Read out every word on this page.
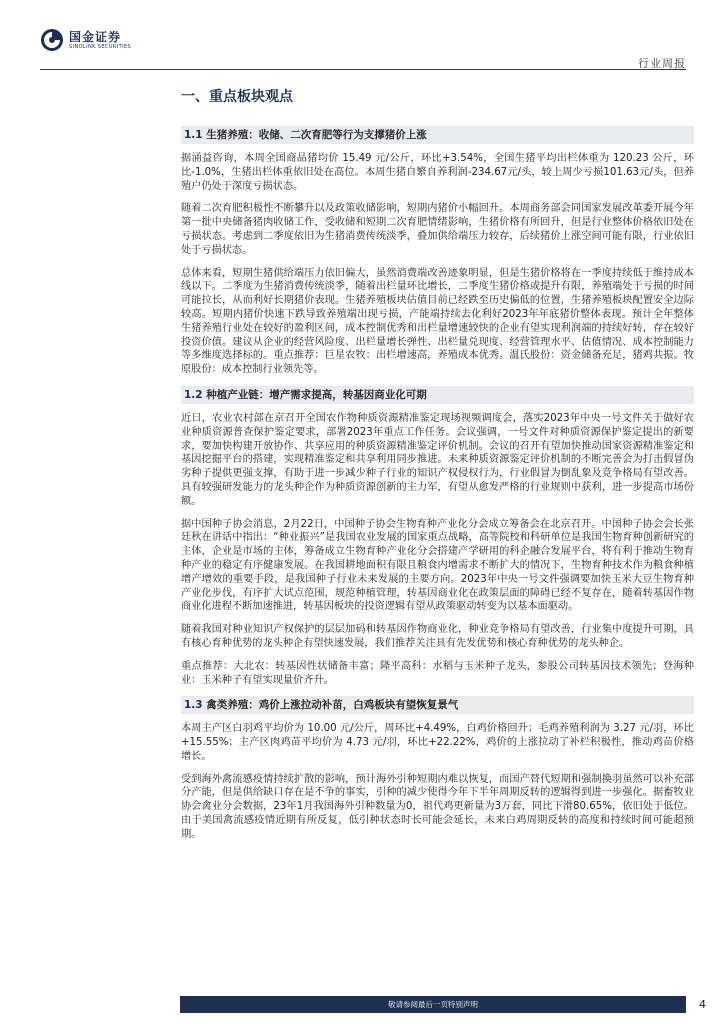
国金证券
SINOLINK SECURITIES
行业周报
一、重点板块观点
1.1 生猪养殖：收储、二次育肥等行为支撑猪价上涨

据涌益咨询，本周全国商品猪均价 15.49 元/公斤，环比+3.54%，全国生猪平均出栏体重为 120.23 公斤，环比-1.0%，生猪出栏体重依旧处在高位。本周生猪自繁自养利润-234.67元/头，较上周少亏损101.63元/头，但养殖户仍处于深度亏损状态。

随着二次育肥积极性不断攀升以及政策收储影响，短期内猪价小幅回升。本周商务部会同国家发展改革委开展今年第一批中央储备猪肉收储工作，受收储和短期二次育肥情绪影响，生猪价格有所回升，但是行业整体价格依旧处在亏损状态。考虑到二季度依旧为生猪消费传统淡季，叠加供给端压力较存，后续猪价上涨空间可能有限，行业依旧处于亏损状态。

总体来看，短期生猪供给端压力依旧偏大，虽然消费端改善迹象明显，但是生猪价格将在一季度持续低于维持成本线以下。二季度为生猪消费传统淡季，随着出栏量环比增长，二季度生猪价格或提升有限，养殖端处于亏损的时间可能拉长，从而利好长期猪价表现。生猪养殖板块估值目前已经跌至历史偏低的位置，生猪养殖板块配置安全边际较高。短期内猪价快速下跌导致养殖端出现亏损，产能端持续去化利好2023年年底猪价整体表现。预计全年整体生猪养殖行业处在较好的盈利区间，成本控制优秀和出栏量增速较快的企业有望实现利润端的持续好转，存在较好投资价值。建议从企业的经营风险度、出栏量增长弹性、出栏量兑现度、经营管理水平、估值情况、成本控制能力等多维度选择标的。重点推荐：巨星农牧：出栏增速高，养殖成本优秀。温氏股份：资金储备充足，猪鸡共振。牧原股份：成本控制行业领先等。

1.2 种植产业链：增产需求提高，转基因商业化可期

近日，农业农村部在京召开全国农作物种质资源精准鉴定现场视频调度会，落实2023年中央一号文件关于做好农业种质资源普查保护鉴定要求，部署2023年重点工作任务。会议强调，一号文件对种质资源保护鉴定提出的新要求，要加快构建开放协作、共享应用的种质资源精准鉴定评价机制。会议的召开有望加快推动国家资源精准鉴定和基因挖掘平台的搭建，实现精准鉴定和共享利用同步推进。未来种质资源鉴定评价机制的不断完善会为打击假冒伪劣种子提供更强支撑，有助于进一步减少种子行业的知识产权侵权行为，行业假冒为倒乱象及竞争格局有望改善。具有较强研发能力的龙头种企作为种质资源创新的主力军，有望从愈发严格的行业规则中获利，进一步提高市场份额。

据中国种子协会消息，2月22日，中国种子协会生物育种产业化分会成立筹备会在北京召开。中国种子协会会长张廷秋在讲话中指出：“种业振兴”是我国农业发展的国家重点战略，高等院校和科研单位是我国生物育种创新研究的主体，企业是市场的主体，筹备成立生物育种产业化分会搭建产学研用的科企融合发展平台，将有利于推动生物育种产业的稳定有序健康发展。在我国耕地面积有限且粮食内增需求不断扩大的情况下，生物育种技术作为粮食种植增产增效的重要手段，是我国种子行业未来发展的主要方向。2023年中央一号文件强调要加快玉米大豆生物育种产业化步伐，有序扩大试点范围，规范种植管理，转基因商业化在政策层面的障碍已经不复存在，随着转基因作物商业化进程不断加速推进，转基因板块的投资逻辑有望从政策驱动转变为以基本面驱动。

随着我国对种业知识产权保护的层层加码和转基因作物商业化，种业竞争格局有望改善，行业集中度提升可期，具有核心育种优势的龙头种企有望快速发展，我们推荐关注具有先发优势和核心育种优势的龙头种企。

重点推荐：大北农：转基因性状储备丰富；隆平高科：水稻与玉米种子龙头，参股公司转基因技术领先；登海种业：玉米种子有望实现量价齐升。

1.3 禽类养殖：鸡价上涨拉动补苗，白鸡板块有望恢复景气

本周主产区白羽鸡平均价为 10.00 元/公斤，周环比+4.49%，白鸡价格回升；毛鸡养殖利润为 3.27 元/羽，环比+15.55%；主产区肉鸡苗平均价为 4.73 元/羽，环比+22.22%，鸡价的上涨拉动了补栏积极性，推动鸡苗价格增长。

受到海外禽流感疫情持续扩散的影响，预计海外引种短期内难以恢复，而国产替代短期和强制换羽虽然可以补充部分产能，但是供给缺口存在是不争的事实，引种的减少使得今年下半年周期反转的逻辑得到进一步强化。据畜牧业协会禽业分会数据，23年1月我国海外引种数量为0，祖代鸡更新量为3万套，同比下滑80.65%，依旧处于低位。由于美国禽流感疫情近期有所反复，低引种状态时长可能会延长，未来白鸡周期反转的高度和持续时间可能超预期。

敬请参阅最后一页特别声明	4
